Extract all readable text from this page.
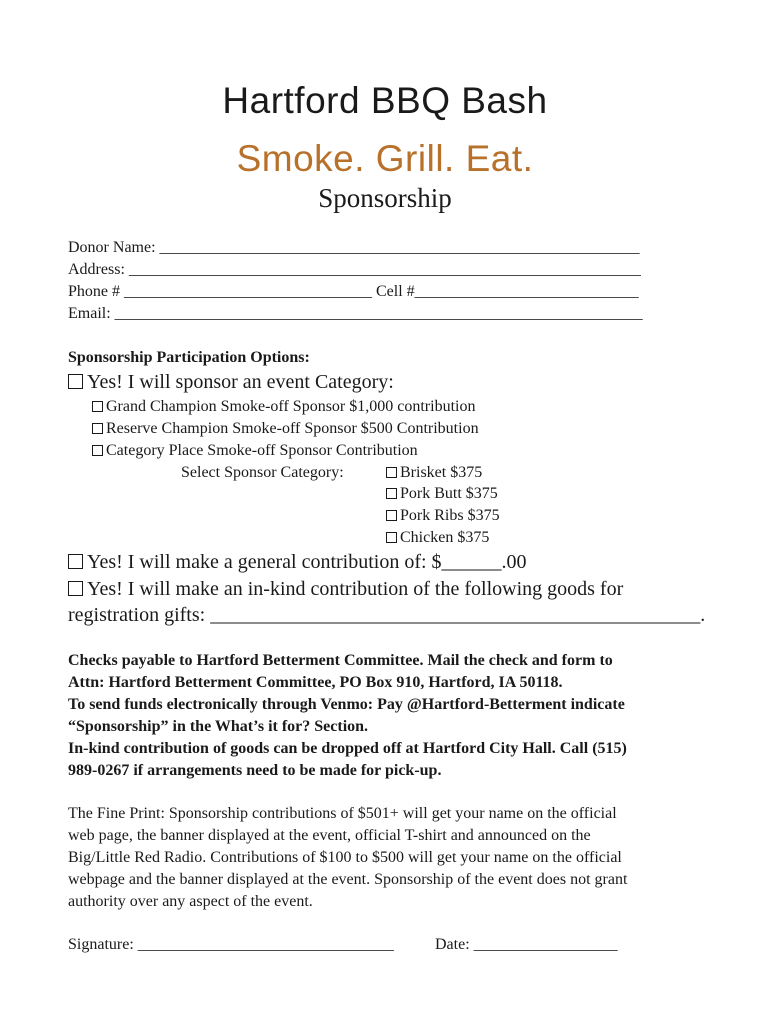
Hartford BBQ Bash
Smoke. Grill. Eat.
Sponsorship
Donor Name: ____________________________________________________________
Address: ________________________________________________________________
Phone # _______________________________ Cell #____________________________
Email: __________________________________________________________________
Sponsorship Participation Options:
Yes! I will sponsor an event Category:
Grand Champion Smoke-off Sponsor $1,000 contribution
Reserve Champion Smoke-off Sponsor $500 Contribution
Category Place Smoke-off Sponsor Contribution
Select Sponsor Category:	Brisket $375
Pork Butt $375
Pork Ribs $375
Chicken $375
Yes! I will make a general contribution of: $______.00
Yes! I will make an in-kind contribution of the following goods for
registration gifts: _________________________________________________.
Checks payable to Hartford Betterment Committee. Mail the check and form to
Attn: Hartford Betterment Committee, PO Box 910, Hartford, IA 50118.
To send funds electronically through Venmo: Pay @Hartford-Betterment indicate
“Sponsorship” in the What’s it for? Section.
In-kind contribution of goods can be dropped off at Hartford City Hall. Call (515)
989-0267 if arrangements need to be made for pick-up.
The Fine Print: Sponsorship contributions of $501+ will get your name on the official
web page, the banner displayed at the event, official T-shirt and announced on the
Big/Little Red Radio. Contributions of $100 to $500 will get your name on the official
webpage and the banner displayed at the event. Sponsorship of the event does not grant
authority over any aspect of the event.
Signature: ________________________________	Date: __________________
